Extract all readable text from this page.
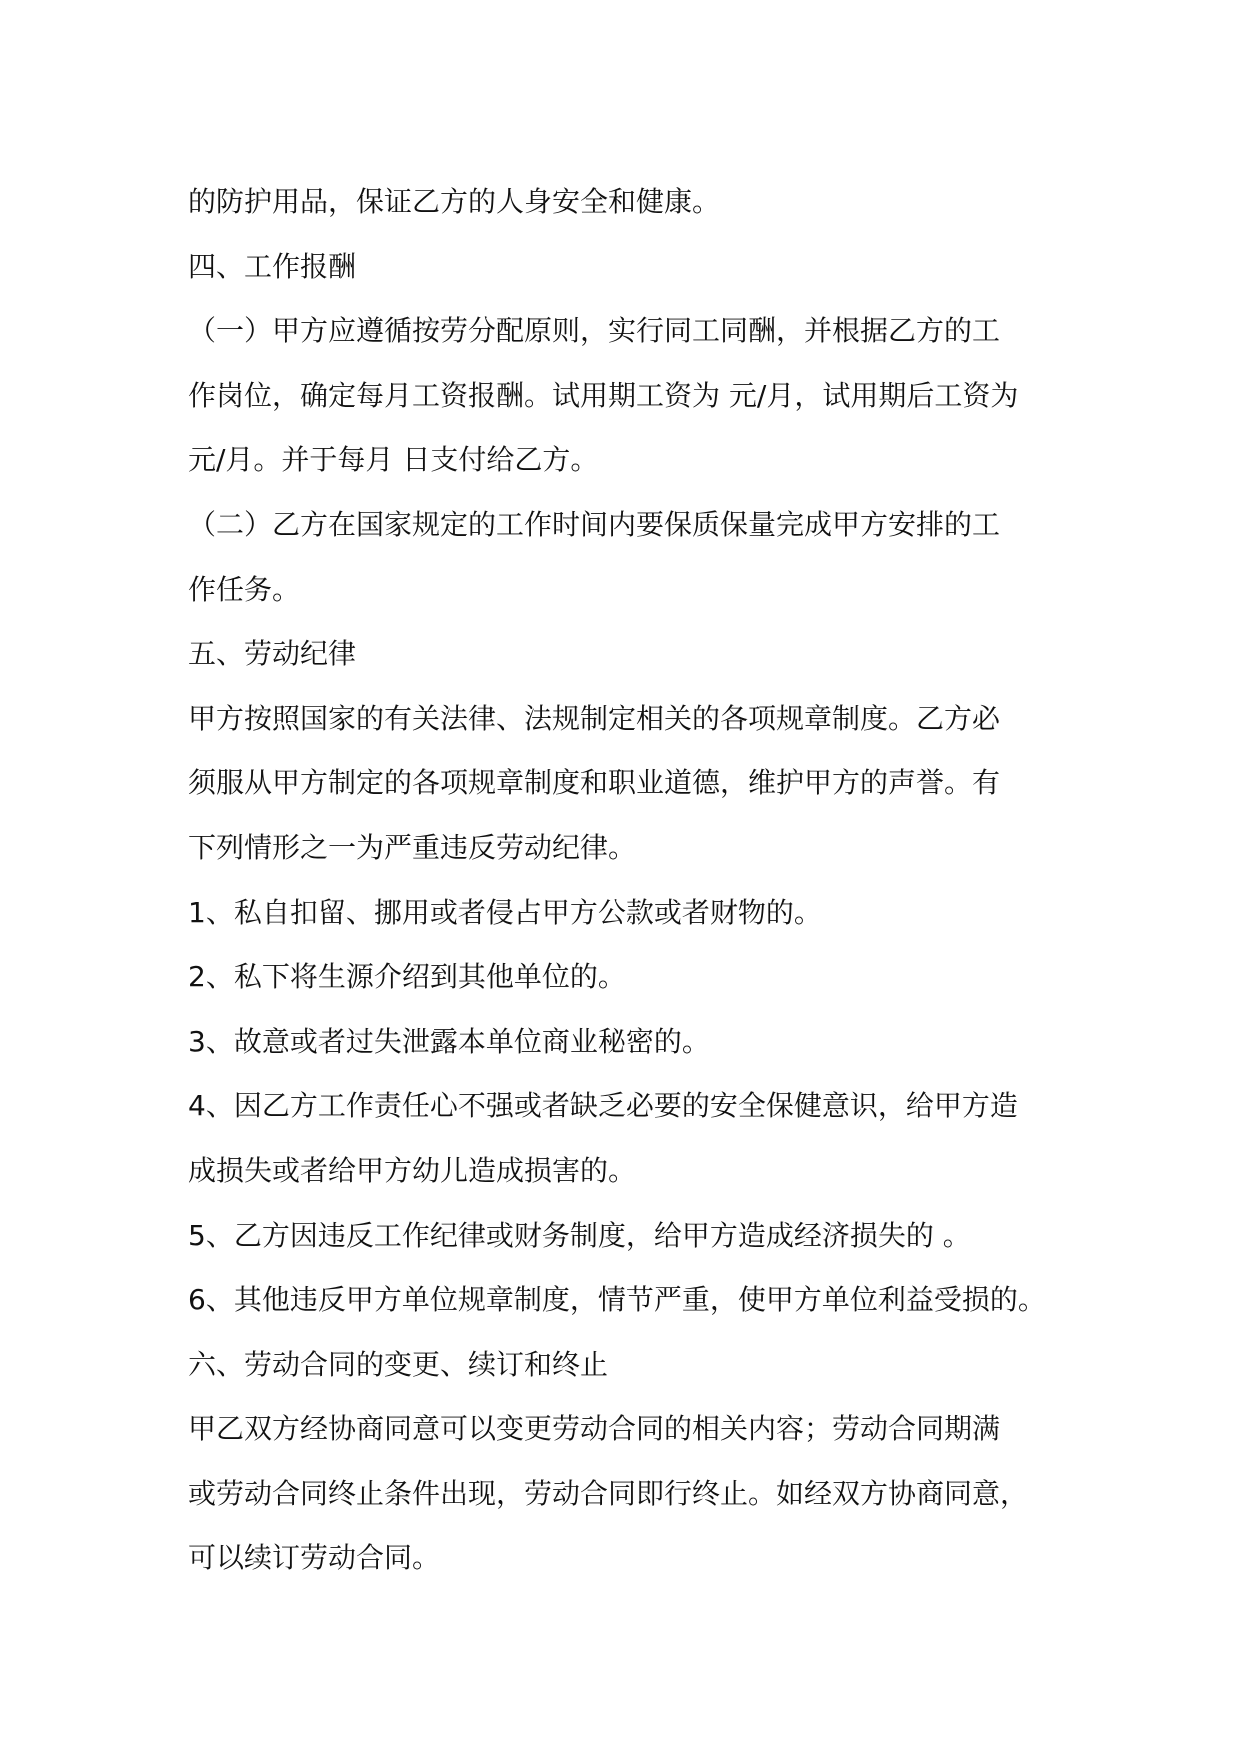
的防护用品，保证乙方的人身安全和健康。
四、工作报酬
（一）甲方应遵循按劳分配原则，实行同工同酬，并根据乙方的工
作岗位，确定每月工资报酬。试用期工资为 元/月，试用期后工资为
元/月。并于每月 日支付给乙方。
（二）乙方在国家规定的工作时间内要保质保量完成甲方安排的工
作任务。
五、劳动纪律
甲方按照国家的有关法律、法规制定相关的各项规章制度。乙方必
须服从甲方制定的各项规章制度和职业道德，维护甲方的声誉。有
下列情形之一为严重违反劳动纪律。
1、私自扣留、挪用或者侵占甲方公款或者财物的。
2、私下将生源介绍到其他单位的。
3、故意或者过失泄露本单位商业秘密的。
4、因乙方工作责任心不强或者缺乏必要的安全保健意识，给甲方造
成损失或者给甲方幼儿造成损害的。
5、乙方因违反工作纪律或财务制度，给甲方造成经济损失的 。
6、其他违反甲方单位规章制度，情节严重，使甲方单位利益受损的。
六、劳动合同的变更、续订和终止
甲乙双方经协商同意可以变更劳动合同的相关内容；劳动合同期满
或劳动合同终止条件出现，劳动合同即行终止。如经双方协商同意，
可以续订劳动合同。
